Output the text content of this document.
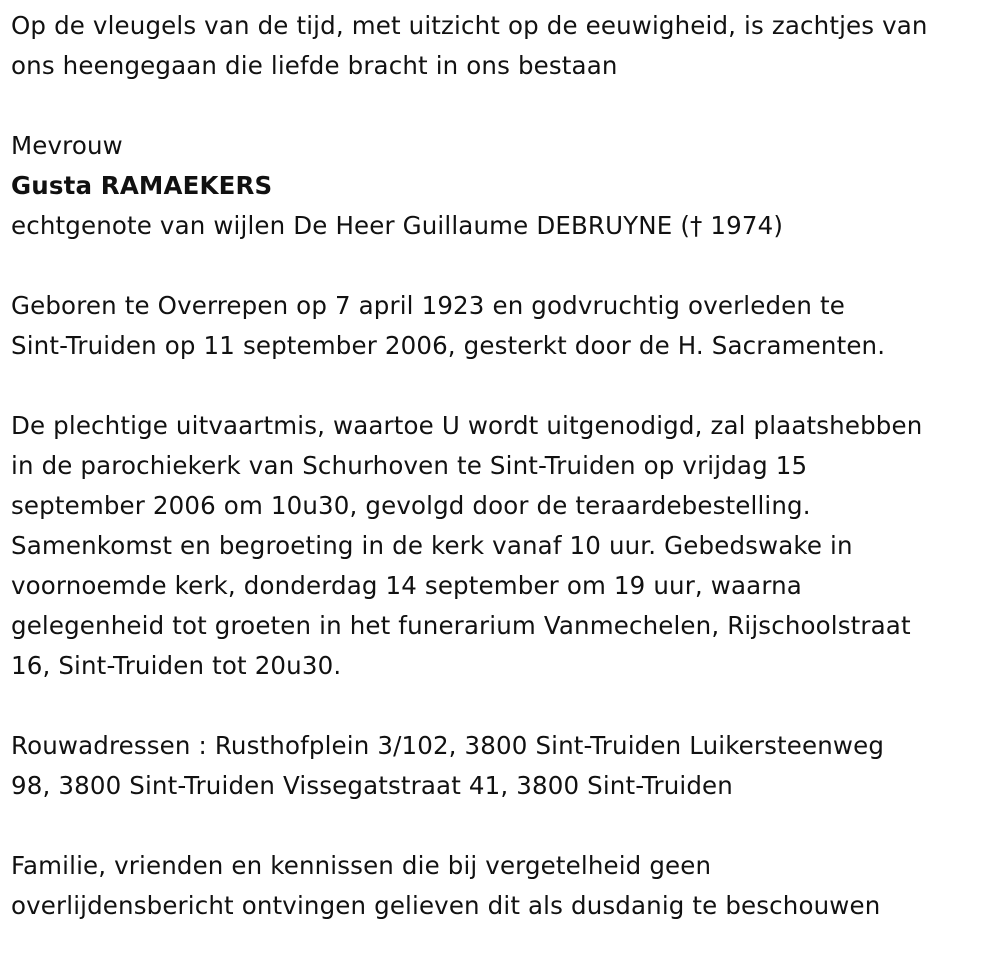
Op de vleugels van de tijd, met uitzicht op de eeuwigheid, is zachtjes van
ons heengegaan die liefde bracht in ons bestaan
Mevrouw
Gusta RAMAEKERS
echtgenote van wijlen De Heer Guillaume DEBRUYNE († 1974)
Geboren te Overrepen op 7 april 1923 en godvruchtig overleden te
Sint-Truiden op 11 september 2006, gesterkt door de H. Sacramenten.
De plechtige uitvaartmis, waartoe U wordt uitgenodigd, zal plaatshebben
in de parochiekerk van Schurhoven te Sint-Truiden op vrijdag 15
september 2006 om 10u30, gevolgd door de teraardebestelling.
Samenkomst en begroeting in de kerk vanaf 10 uur. Gebedswake in
voornoemde kerk, donderdag 14 september om 19 uur, waarna
gelegenheid tot groeten in het funerarium Vanmechelen, Rijschoolstraat
16, Sint-Truiden tot 20u30.
Rouwadressen : Rusthofplein 3/102, 3800 Sint-Truiden Luikersteenweg
98, 3800 Sint-Truiden Vissegatstraat 41, 3800 Sint-Truiden
Familie, vrienden en kennissen die bij vergetelheid geen
overlijdensbericht ontvingen gelieven dit als dusdanig te beschouwen
